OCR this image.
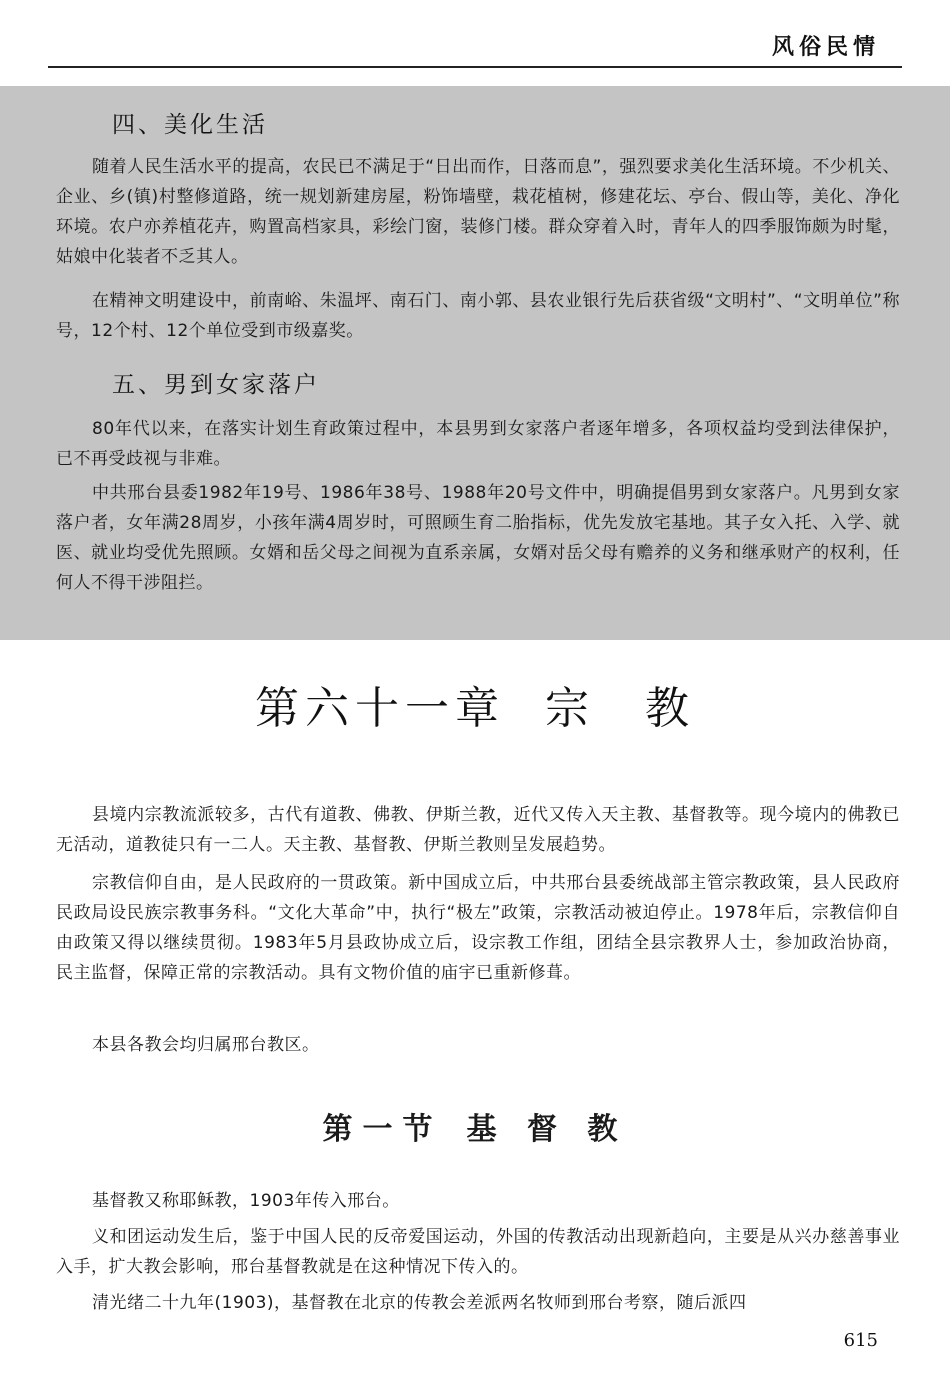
风俗民情
四、美化生活

随着人民生活水平的提高，农民已不满足于“日出而作，日落而息”，强烈要求美化生活环境。不少机关、企业、乡(镇)村整修道路，统一规划新建房屋，粉饰墙壁，栽花植树，修建花坛、亭台、假山等，美化、净化环境。农户亦养植花卉，购置高档家具，彩绘门窗，装修门楼。群众穿着入时，青年人的四季服饰颇为时髦，姑娘中化装者不乏其人。

在精神文明建设中，前南峪、朱温坪、南石门、南小郭、县农业银行先后获省级“文明村”、“文明单位”称号，12个村、12个单位受到市级嘉奖。

五、男到女家落户

80年代以来，在落实计划生育政策过程中，本县男到女家落户者逐年增多，各项权益均受到法律保护，已不再受歧视与非难。

中共邢台县委1982年19号、1986年38号、1988年20号文件中，明确提倡男到女家落户。凡男到女家落户者，女年满28周岁，小孩年满4周岁时，可照顾生育二胎指标，优先发放宅基地。其子女入托、入学、就医、就业均受优先照顾。女婿和岳父母之间视为直系亲属，女婿对岳父母有赡养的义务和继承财产的权利，任何人不得干涉阻拦。

第六十一章 宗　教

县境内宗教流派较多，古代有道教、佛教、伊斯兰教，近代又传入天主教、基督教等。现今境内的佛教已无活动，道教徒只有一二人。天主教、基督教、伊斯兰教则呈发展趋势。

宗教信仰自由，是人民政府的一贯政策。新中国成立后，中共邢台县委统战部主管宗教政策，县人民政府民政局设民族宗教事务科。“文化大革命”中，执行“极左”政策，宗教活动被迫停止。1978年后，宗教信仰自由政策又得以继续贯彻。1983年5月县政协成立后，设宗教工作组，团结全县宗教界人士，参加政治协商，民主监督，保障正常的宗教活动。具有文物价值的庙宇已重新修葺。

本县各教会均归属邢台教区。

第一节 基 督 教

基督教又称耶稣教，1903年传入邢台。

义和团运动发生后，鉴于中国人民的反帝爱国运动，外国的传教活动出现新趋向，主要是从兴办慈善事业入手，扩大教会影响，邢台基督教就是在这种情况下传入的。

清光绪二十九年(1903)，基督教在北京的传教会差派两名牧师到邢台考察，随后派四

615
